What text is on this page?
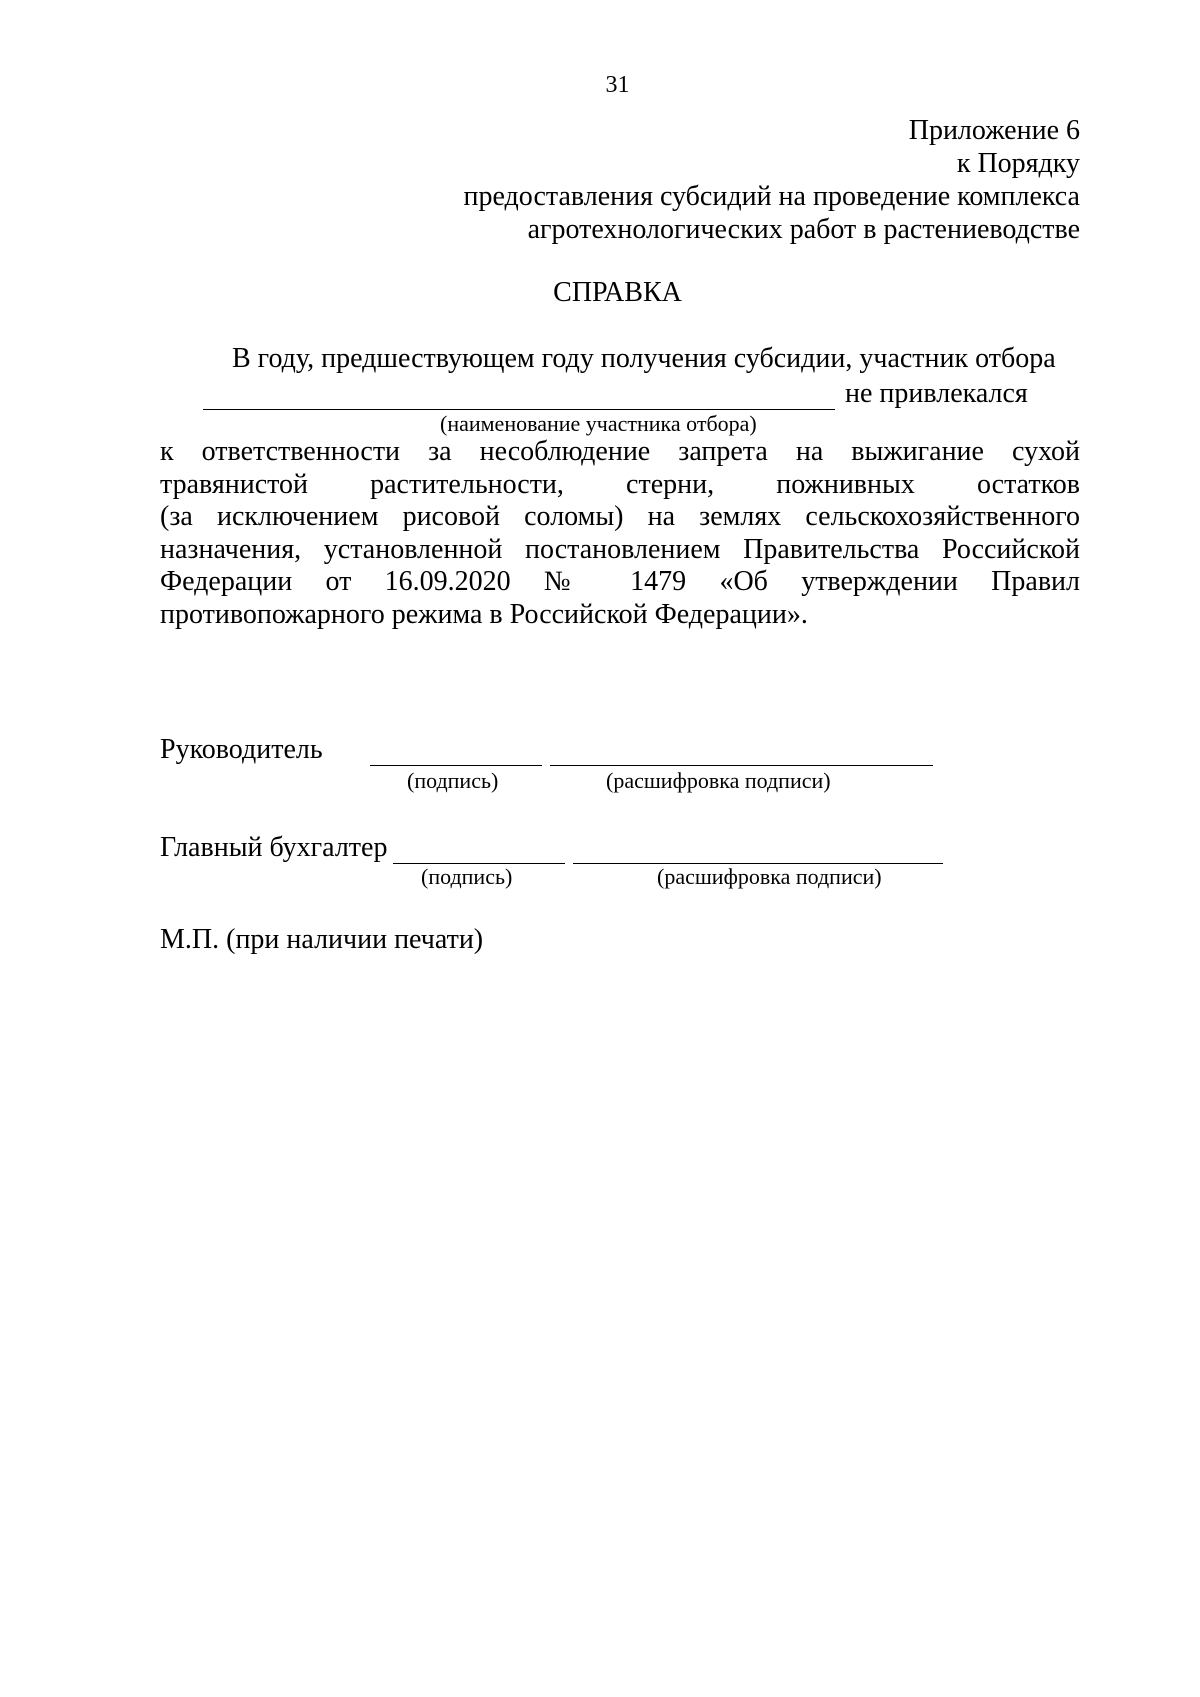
31
Приложение 6
к Порядку
предоставления субсидий на проведение комплекса
агротехнологических работ в растениеводстве
СПРАВКА
В году, предшествующем году получения субсидии, участник отбора
не привлекался
(наименование участника отбора)
к ответственности за несоблюдение запрета на выжигание сухой
травянистой растительности, стерни, пожнивных остатков
(за исключением рисовой соломы) на землях сельскохозяйственного
назначения, установленной постановлением Правительства Российской
Федерации от 16.09.2020 № 1479 «Об утверждении Правил
противопожарного режима в Российской Федерации».
Руководитель
(подпись)	(расшифровка подписи)
Главный бухгалтер
(подпись)	(расшифровка подписи)
М.П. (при наличии печати)
